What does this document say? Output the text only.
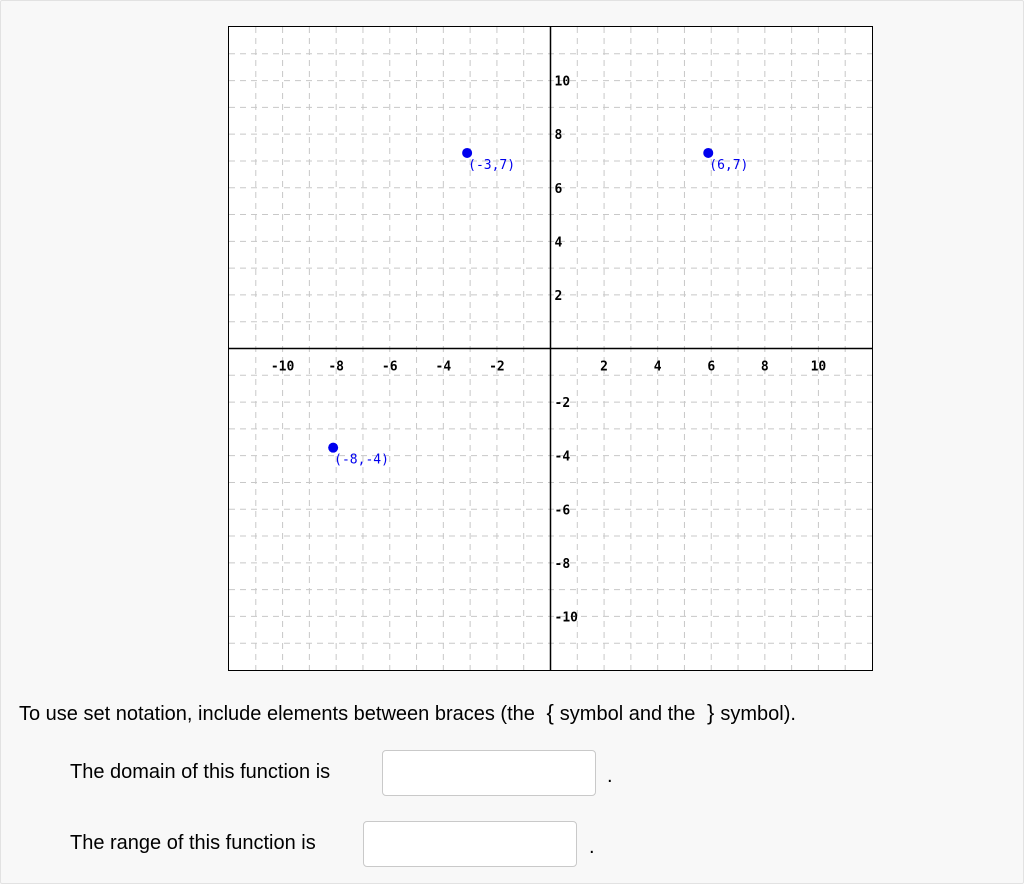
-10	-8	-6	-4	-2	2	4	6	8	10
10
8
6
4
2
-2
-4
-6
-8
-10
(-3,7)	(6,7)
(-8,-4)
To use set notation, include elements between braces (the { symbol and the } symbol).
The domain of this function is	.
The range of this function is	.
